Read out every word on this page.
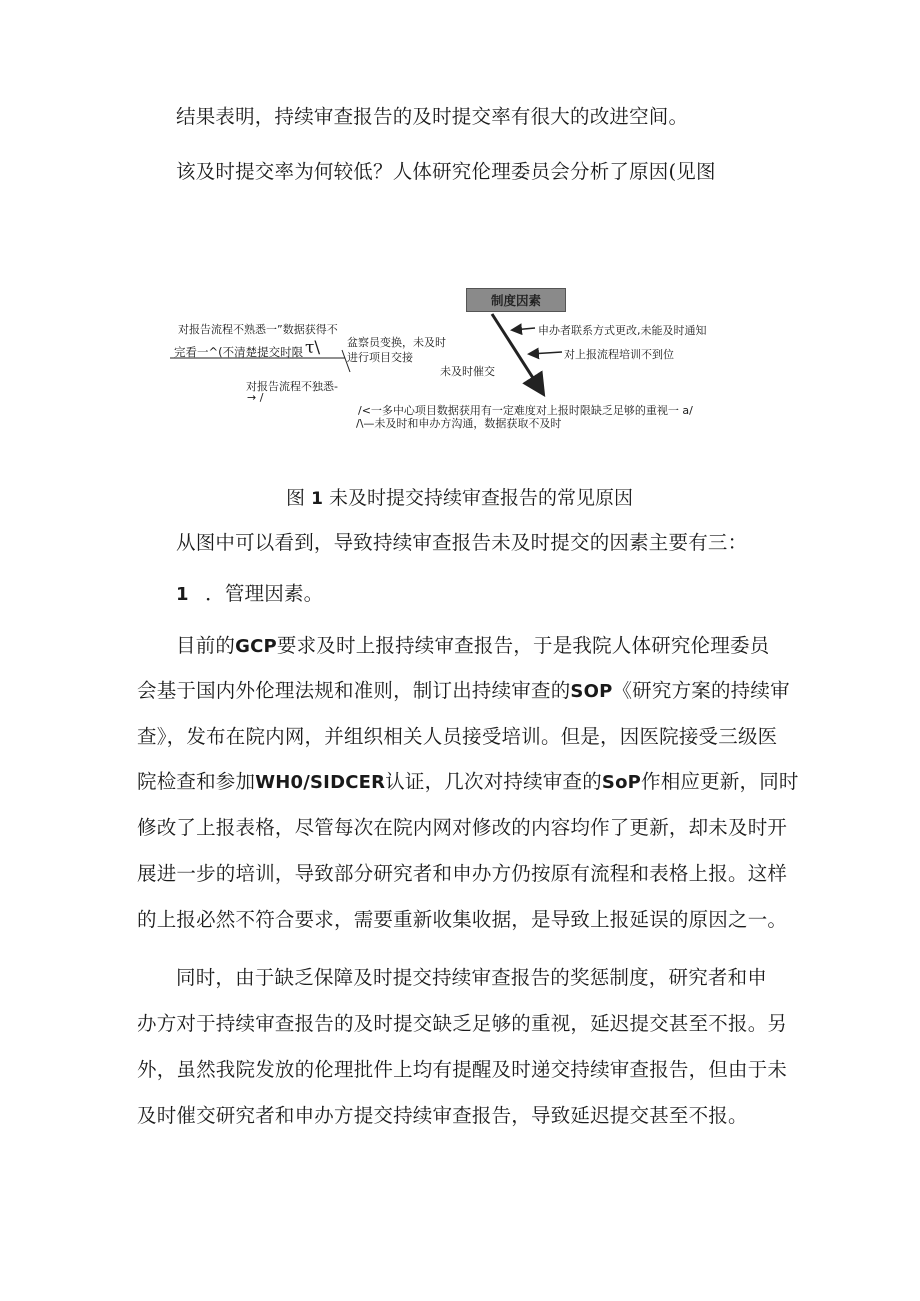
结果表明，持续审查报告的及时提交率有很大的改进空间。
该及时提交率为何较低？人体研究伦理委员会分析了原因(见图
制度因素
对报告流程不熟悉一”数据获得不
完看一^(不清楚提交时限 τ\ 盆察员变换，未及时
进行项目交接
对报告流程不独悉-
→ /
未及时催交
申办者联系方式更改,未能及时通知
对上报流程培训不到位
/<一多中心项目数据获用有一定难度对上报时限缺乏足够的重视一 a/
/\—未及时和申办方沟通，数据获取不及时
图 1 未及时提交持续审查报告的常见原因
从图中可以看到，导致持续审查报告未及时提交的因素主要有三：
1 ．管理因素。
目前的GCP要求及时上报持续审查报告，于是我院人体研究伦理委员
会基于国内外伦理法规和准则，制订出持续审查的SOP《研究方案的持续审
查》，发布在院内网，并组织相关人员接受培训。但是，因医院接受三级医
院检查和参加WH0/SIDCER认证，几次对持续审查的SoP作相应更新，同时
修改了上报表格，尽管每次在院内网对修改的内容均作了更新，却未及时开
展进一步的培训，导致部分研究者和申办方仍按原有流程和表格上报。这样
的上报必然不符合要求，需要重新收集收据，是导致上报延误的原因之一。
同时，由于缺乏保障及时提交持续审查报告的奖惩制度，研究者和申
办方对于持续审查报告的及时提交缺乏足够的重视，延迟提交甚至不报。另
外，虽然我院发放的伦理批件上均有提醒及时递交持续审查报告，但由于未
及时催交研究者和申办方提交持续审查报告，导致延迟提交甚至不报。
